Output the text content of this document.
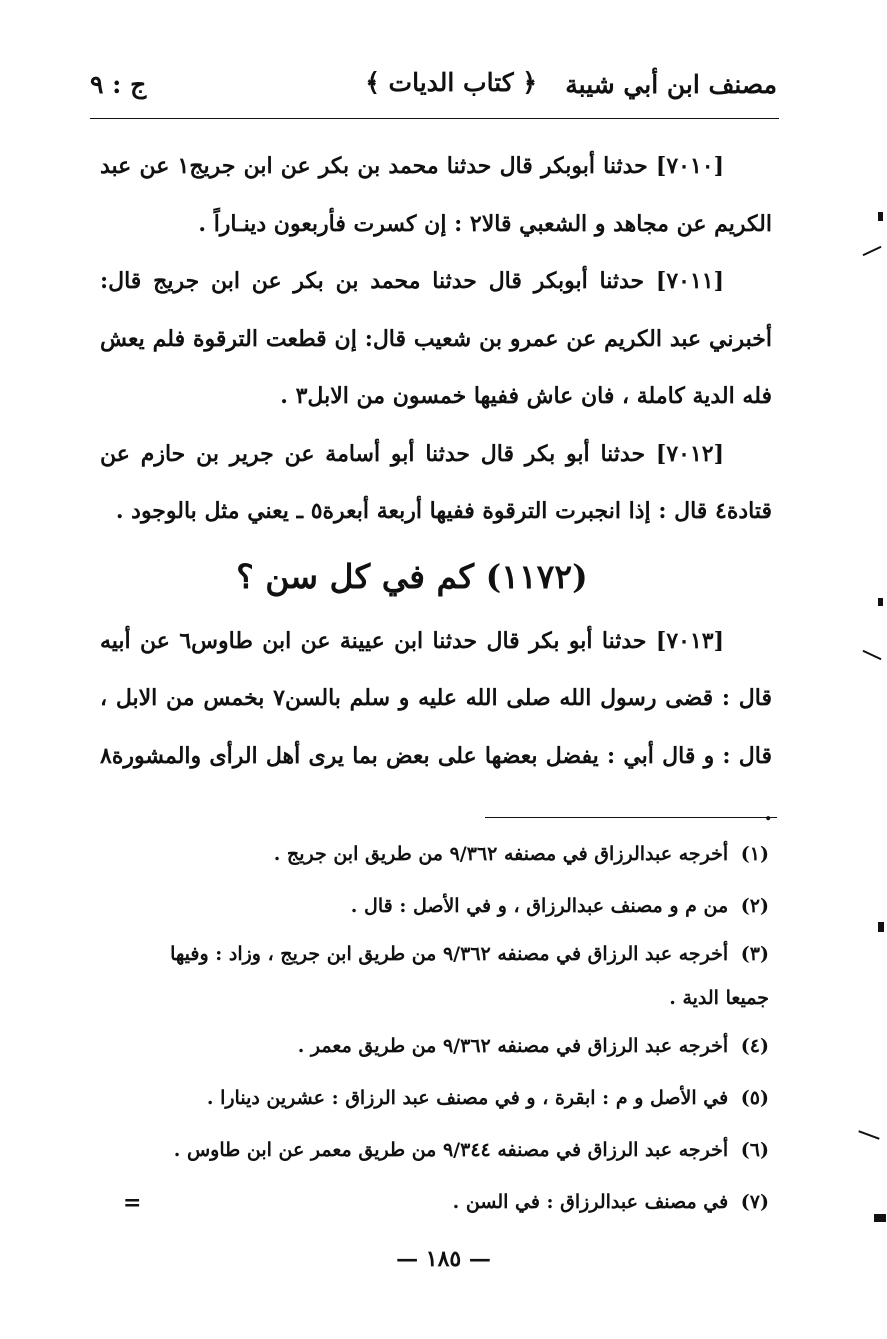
مصنف ابن أبي شيبة
﴿ كتاب الديات ﴾
ج : ٩

[٧٠١٠] حدثنا أبوبكر قال حدثنا محمد بن بكر عن ابن جريج١ عن عبد الكريم عن مجاهد و الشعبي قالا٢ : إن كسرت فأربعون دينـاراً .

[٧٠١١] حدثنا أبوبكر قال حدثنا محمد بن بكر عن ابن جريج قال: أخبرني عبد الكريم عن عمرو بن شعيب قال: إن قطعت الترقوة فلم يعش فله الدية كاملة ، فان عاش ففيها خمسون من الابل٣ .

[٧٠١٢] حدثنا أبو بكر قال حدثنا أبو أسامة عن جرير بن حازم عن قتادة٤ قال : إذا انجبرت الترقوة ففيها أربعة أبعرة٥ ـ يعني مثل بالوجود .

(١١٧٢) كم في كل سن ؟

[٧٠١٣] حدثنا أبو بكر قال حدثنا ابن عيينة عن ابن طاوس٦ عن أبيه قال : قضى رسول الله صلى الله عليه و سلم بالسن٧ بخمس من الابل ، قال : و قال أبي : يفضل بعضها على بعض بما يرى أهل الرأى والمشورة٨ .

(١) أخرجه عبدالرزاق في مصنفه ٩/٣٦٢ من طريق ابن جريج .

(٢) من م و مصنف عبدالرزاق ، و في الأصل : قال .

(٣) أخرجه عبد الرزاق في مصنفه ٩/٣٦٢ من طريق ابن جريج ، وزاد : وفيها جميعا الدية .

(٤) أخرجه عبد الرزاق في مصنفه ٩/٣٦٢ من طريق معمر .

(٥) في الأصل و م : ابقرة ، و في مصنف عبد الرزاق : عشرين دينارا .

(٦) أخرجه عبد الرزاق في مصنفه ٩/٣٤٤ من طريق معمر عن ابن طاوس .

(٧) في مصنف عبدالرزاق : في السن .

=
— ١٨٥ —
